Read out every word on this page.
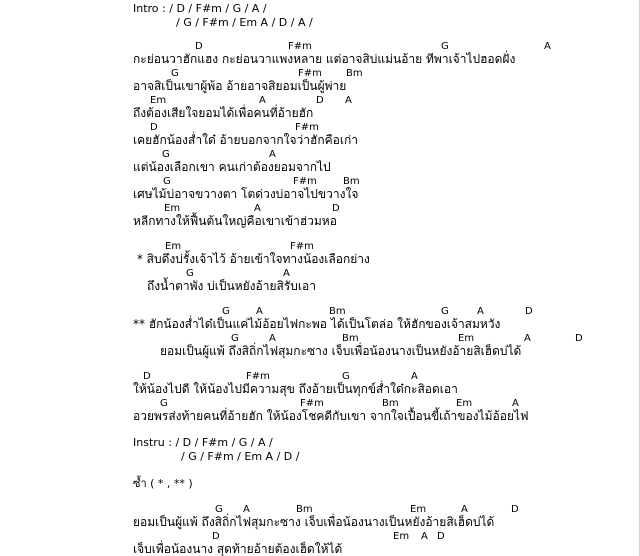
Intro : / D / F#m / G / A /
/ G / F#m / Em A / D / A /
D	F#m	G	A
กะย่อนวาฮักแฮง กะย่อนวาแพงหลาย แต่อาจสิบ่แม่นอ้าย ทีพาเจ้าไปฮอดฝั่ง
G	F#m Bm
อาจสิเป็นเขาผู้พ้อ อ้ายอาจสิยอมเป็นผู้พ่าย
Em	A	D A
ถึงต้องเสียใจยอมได้เพื่อคนที่อ้ายฮัก
D	F#m
เคยฮักน้องส่ำใด๋ อ้ายบอกจากใจว่าฮักคือเก่า
G	A
แต่น้องเลือกเขา คนเก่าต้องยอมจากไป
G	F#m	Bm
เศษไม้บ่อาจขวางตา โตด่วงบ่อาจไปขวางใจ
Em	A	D
หลีกทางให้ฟื้นต้นใหญ่คือเขาเข้าฮ่วมหอ
Em	F#m
* สิบดึงบ่รั้งเจ้าไว้ อ้ายเข้าใจทางน้องเลือกย่าง
G	A
ถึงน้ำตาพัง บ่เป็นหยังอ้ายสิรับเอา
G	A	Bm	G	A	D
** ฮักน้องส่ำได๋เป็นแค่ไม้อ้อยไฟกะพอ ได้เป็นโตล่อ ให้ฮักของเจ้าสมหวัง
G	A	Bm	Em	A	D
ยอมเป็นผู้แพ้ ถึงสิถิ่กไฟสุมกะซาง เจ็บเพื่อน้องนางเป็นหยังอ้ายสิเฮ็ดบ่ได้
D	F#m	G	A
ให้น้องไปดี ให้น้องไปมีความสุข ถึงอ้ายเป็นทุกข์ส่ำใด๋กะสิอดเอา
G	F#m	Bm	Em	A
อวยพรส่งท้ายคนที่อ้ายฮัก ให้น้องโชคดีกับเขา จากใจเปื้อนขี้เถ้าของไม้อ้อยไฟ
Instru : / D / F#m / G / A /
/ G / F#m / Em A / D /
ซ้ำ ( * , ** )
G A	Bm	Em	A	D
ยอมเป็นผู้แพ้ ถึงสิถิ่กไฟสุมกะซาง เจ็บเพื่อน้องนางเป็นหยังอ้ายสิเฮ็ดบ่ได้
D	Em A D
เจ็บเพื่อน้องนาง สุดท้ายอ้ายต้องเฮ็ดให้ได้
